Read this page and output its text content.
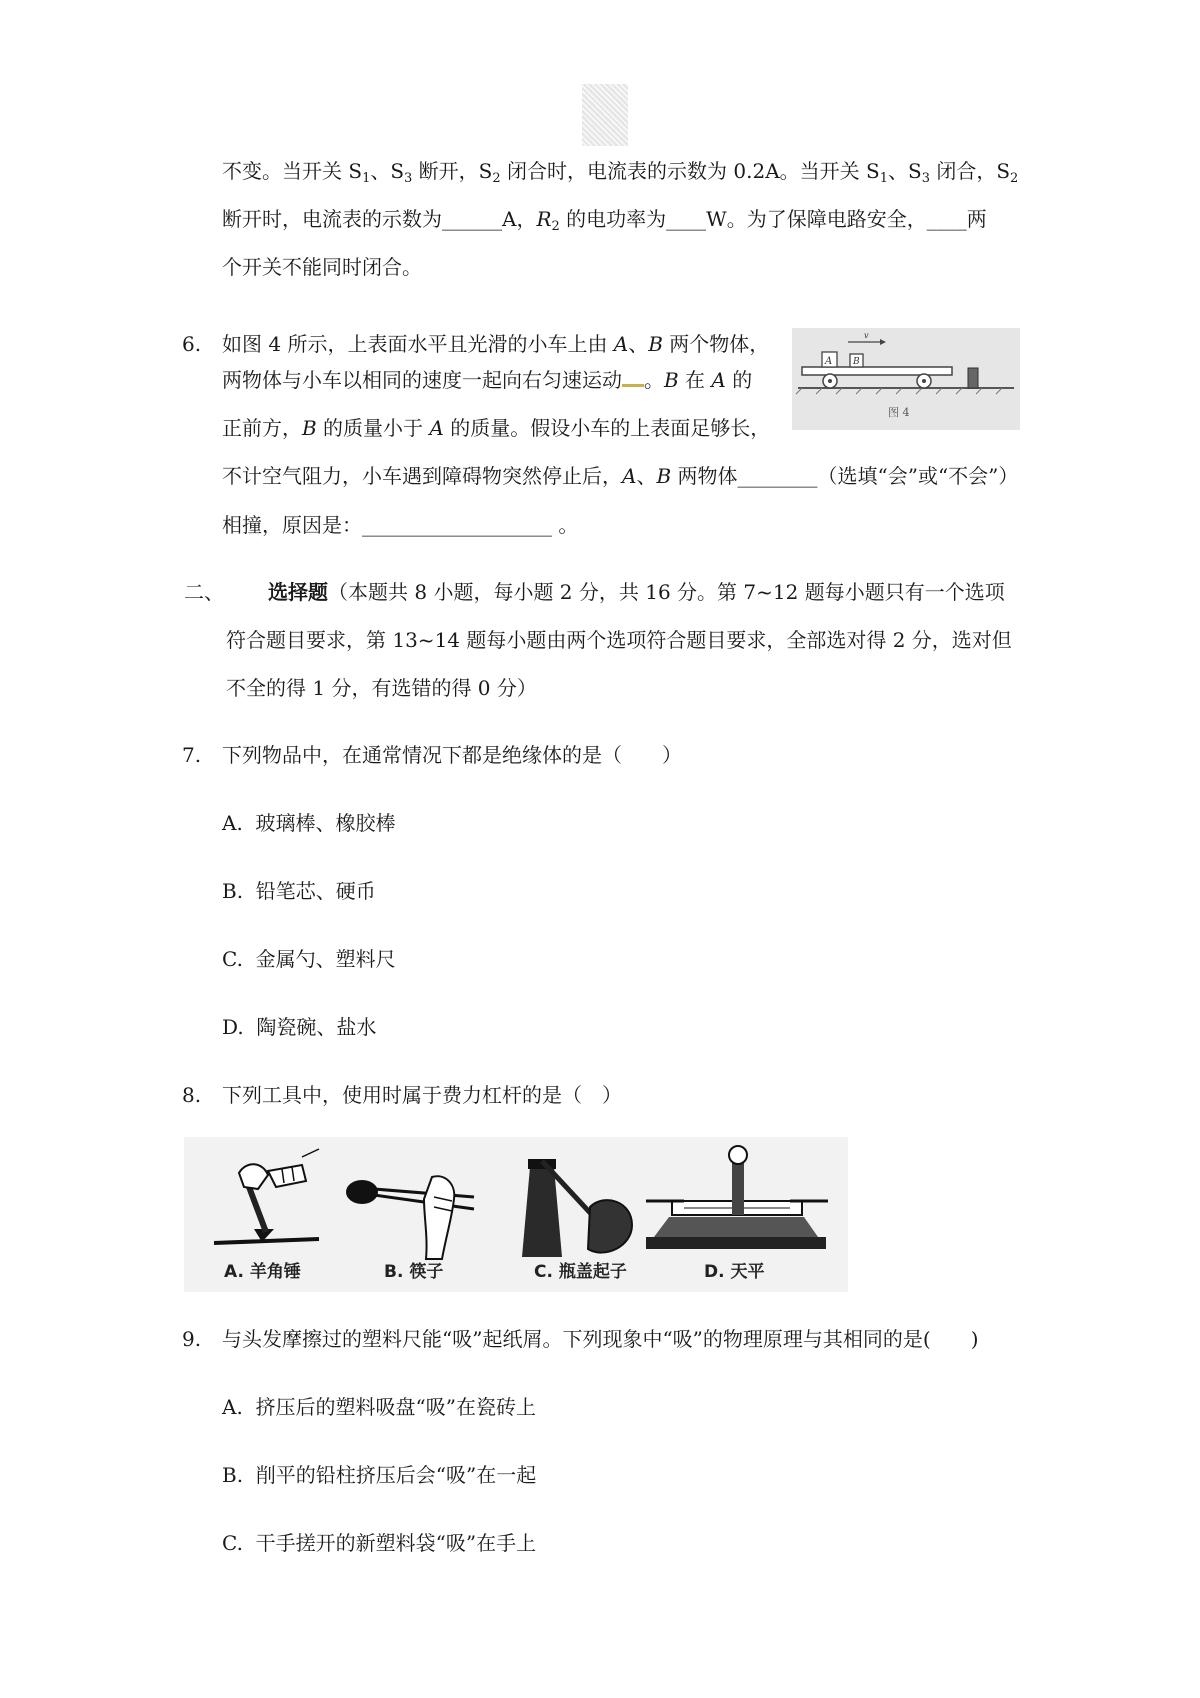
不变。当开关 $S_1$、$S_3$ 断开，$S_2$ 闭合时，电流表的示数为 0.2A。当开关 $S_1$、$S_3$ 闭合，$S_2$
断开时，电流表的示数为______A，$R_2$ 的电功率为____W。为了保障电路安全，____两
个开关不能同时闭合。
6. 如图 4 所示，上表面水平且光滑的小车上由 A、B 两个物体，
两物体与小车以相同的速度一起向右匀速运动 。B 在 A 的
正前方，B 的质量小于 A 的质量。假设小车的上表面足够长，
不计空气阻力，小车遇到障碍物突然停止后，A、B 两物体________（选填“会”或“不会”）
相撞，原因是：___________________ 。
A B
v
图 4
二、 选择题（本题共 8 小题，每小题 2 分，共 16 分。第 7~12 题每小题只有一个选项
符合题目要求，第 13~14 题每小题由两个选项符合题目要求，全部选对得 2 分，选对但
不全的得 1 分，有选错的得 0 分）
7. 下列物品中，在通常情况下都是绝缘体的是（　　）
A. 玻璃棒、橡胶棒
B. 铅笔芯、硬币
C. 金属勺、塑料尺
D. 陶瓷碗、盐水
8. 下列工具中，使用时属于费力杠杆的是（　）
A. 羊角锤	B. 筷子	C. 瓶盖起子	D. 天平
9. 与头发摩擦过的塑料尺能“吸”起纸屑。下列现象中“吸”的物理原理与其相同的是(　　)
A. 挤压后的塑料吸盘“吸”在瓷砖上
B. 削平的铅柱挤压后会“吸”在一起
C. 干手搓开的新塑料袋“吸”在手上
